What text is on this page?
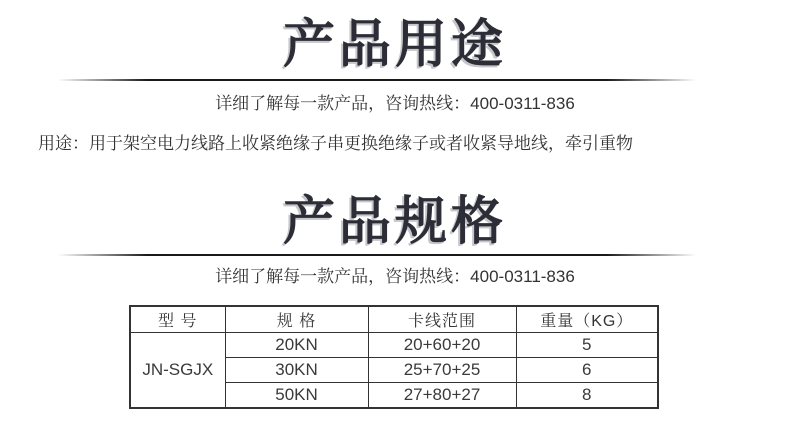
产品用途

详细了解每一款产品，咨询热线：400-0311-836

用途：用于架空电力线路上收紧绝缘子串更换绝缘子或者收紧导地线，牵引重物

产品规格

详细了解每一款产品，咨询热线：400-0311-836

型 号	规 格	卡线范围	重量（KG）
JN-SGJX	20KN	20+60+20	5
	30KN	25+70+25	6
	50KN	27+80+27	8
